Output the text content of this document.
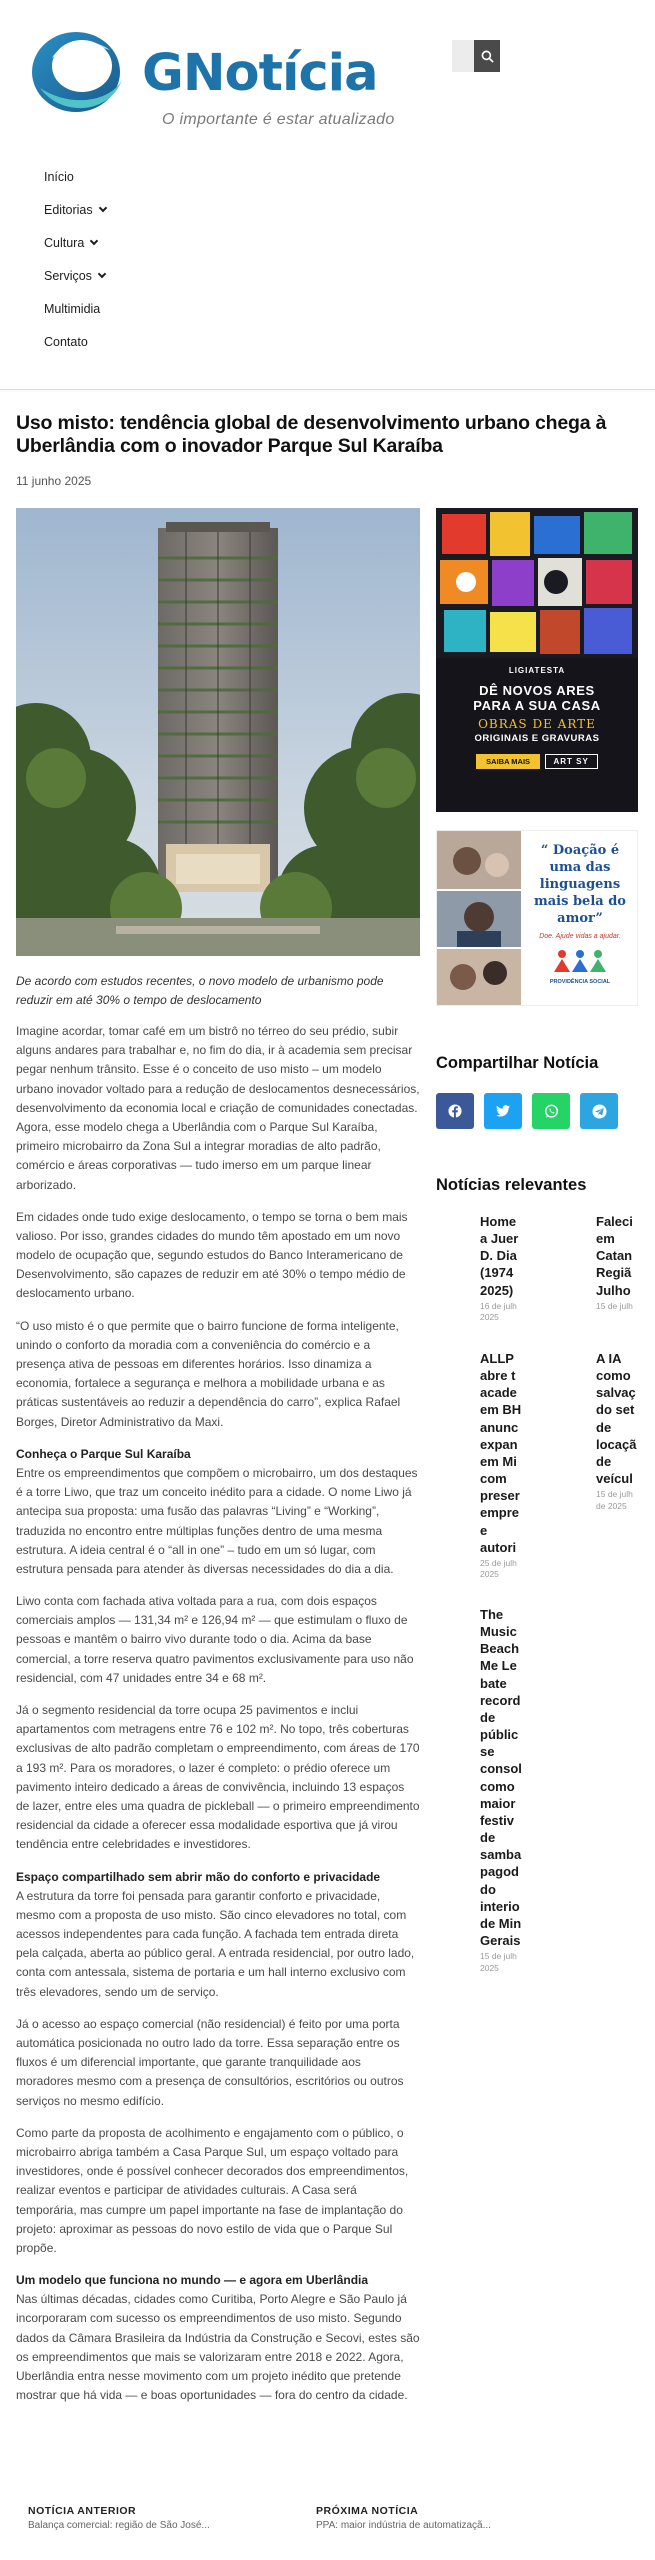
GNotícia
O importante é estar atualizado
Início
Editorias
Cultura
Serviços
Multimidia
Contato
Uso misto: tendência global de desenvolvimento urbano chega à Uberlândia com o inovador Parque Sul Karaíba
11 junho 2025
De acordo com estudos recentes, o novo modelo de urbanismo pode reduzir em até 30% o tempo de deslocamento

Imagine acordar, tomar café em um bistrô no térreo do seu prédio, subir alguns andares para trabalhar e, no fim do dia, ir à academia sem precisar pegar nenhum trânsito. Esse é o conceito de uso misto – um modelo urbano inovador voltado para a redução de deslocamentos desnecessários, desenvolvimento da economia local e criação de comunidades conectadas. Agora, esse modelo chega a Uberlândia com o Parque Sul Karaíba, primeiro microbairro da Zona Sul a integrar moradias de alto padrão, comércio e áreas corporativas — tudo imerso em um parque linear arborizado.

Em cidades onde tudo exige deslocamento, o tempo se torna o bem mais valioso. Por isso, grandes cidades do mundo têm apostado em um novo modelo de ocupação que, segundo estudos do Banco Interamericano de Desenvolvimento, são capazes de reduzir em até 30% o tempo médio de deslocamento urbano.

“O uso misto é o que permite que o bairro funcione de forma inteligente, unindo o conforto da moradia com a conveniência do comércio e a presença ativa de pessoas em diferentes horários. Isso dinamiza a economia, fortalece a segurança e melhora a mobilidade urbana e as práticas sustentáveis ao reduzir a dependência do carro”, explica Rafael Borges, Diretor Administrativo da Maxi.

Conheça o Parque Sul Karaíba

Entre os empreendimentos que compõem o microbairro, um dos destaques é a torre Liwo, que traz um conceito inédito para a cidade. O nome Liwo já antecipa sua proposta: uma fusão das palavras “Living” e “Working”, traduzida no encontro entre múltiplas funções dentro de uma mesma estrutura. A ideia central é o “all in one” – tudo em um só lugar, com estrutura pensada para atender às diversas necessidades do dia a dia.

Liwo conta com fachada ativa voltada para a rua, com dois espaços comerciais amplos — 131,34 m² e 126,94 m² — que estimulam o fluxo de pessoas e mantêm o bairro vivo durante todo o dia. Acima da base comercial, a torre reserva quatro pavimentos exclusivamente para uso não residencial, com 47 unidades entre 34 e 68 m².

Já o segmento residencial da torre ocupa 25 pavimentos e inclui apartamentos com metragens entre 76 e 102 m². No topo, três coberturas exclusivas de alto padrão completam o empreendimento, com áreas de 170 a 193 m². Para os moradores, o lazer é completo: o prédio oferece um pavimento inteiro dedicado a áreas de convivência, incluindo 13 espaços de lazer, entre eles uma quadra de pickleball — o primeiro empreendimento residencial da cidade a oferecer essa modalidade esportiva que já virou tendência entre celebridades e investidores.

Espaço compartilhado sem abrir mão do conforto e privacidade

A estrutura da torre foi pensada para garantir conforto e privacidade, mesmo com a proposta de uso misto. São cinco elevadores no total, com acessos independentes para cada função. A fachada tem entrada direta pela calçada, aberta ao público geral. A entrada residencial, por outro lado, conta com antessala, sistema de portaria e um hall interno exclusivo com três elevadores, sendo um de serviço.

Já o acesso ao espaço comercial (não residencial) é feito por uma porta automática posicionada no outro lado da torre. Essa separação entre os fluxos é um diferencial importante, que garante tranquilidade aos moradores mesmo com a presença de consultórios, escritórios ou outros serviços no mesmo edifício.

Como parte da proposta de acolhimento e engajamento com o público, o microbairro abriga também a Casa Parque Sul, um espaço voltado para investidores, onde é possível conhecer decorados dos empreendimentos, realizar eventos e participar de atividades culturais. A Casa será temporária, mas cumpre um papel importante na fase de implantação do projeto: aproximar as pessoas do novo estilo de vida que o Parque Sul propõe.

Um modelo que funciona no mundo — e agora em Uberlândia

Nas últimas décadas, cidades como Curitiba, Porto Alegre e São Paulo já incorporaram com sucesso os empreendimentos de uso misto. Segundo dados da Câmara Brasileira da Indústria da Construção e Secovi, estes são os empreendimentos que mais se valorizaram entre 2018 e 2022. Agora, Uberlândia entra nesse movimento com um projeto inédito que pretende mostrar que há vida — e boas oportunidades — fora do centro da cidade.

LIGIATESTA
DÊ NOVOS ARES
PARA A SUA CASA
OBRAS DE ARTE
ORIGINAIS E GRAVURAS
SAIBA MAIS	ART SY
“ Doação é uma das linguagens mais bela do amor”
Doe. Ajude vidas a ajudar.
PROVIDÊNCIA SOCIAL
Compartilhar Notícia
Notícias relevantes
Home a Juer D. Dia (1974 2025)
16 de julh 2025
Faleci em Catan Regiã Julho
15 de julh
ALLP abre t acade em BH anunc expan em Mi com preser empre e autori
25 de julh 2025
A IA como salvaç do set de locaçã de veícul
15 de julh de 2025
The Music Beach Me Le bate record de públic se consol como maior festiv de samba pagod do interio de Min Gerais
15 de julh 2025
NOTÍCIA ANTERIOR
Balança comercial: região de São José...
PRÓXIMA NOTÍCIA
PPA: maior indústria de automatizaçã...
